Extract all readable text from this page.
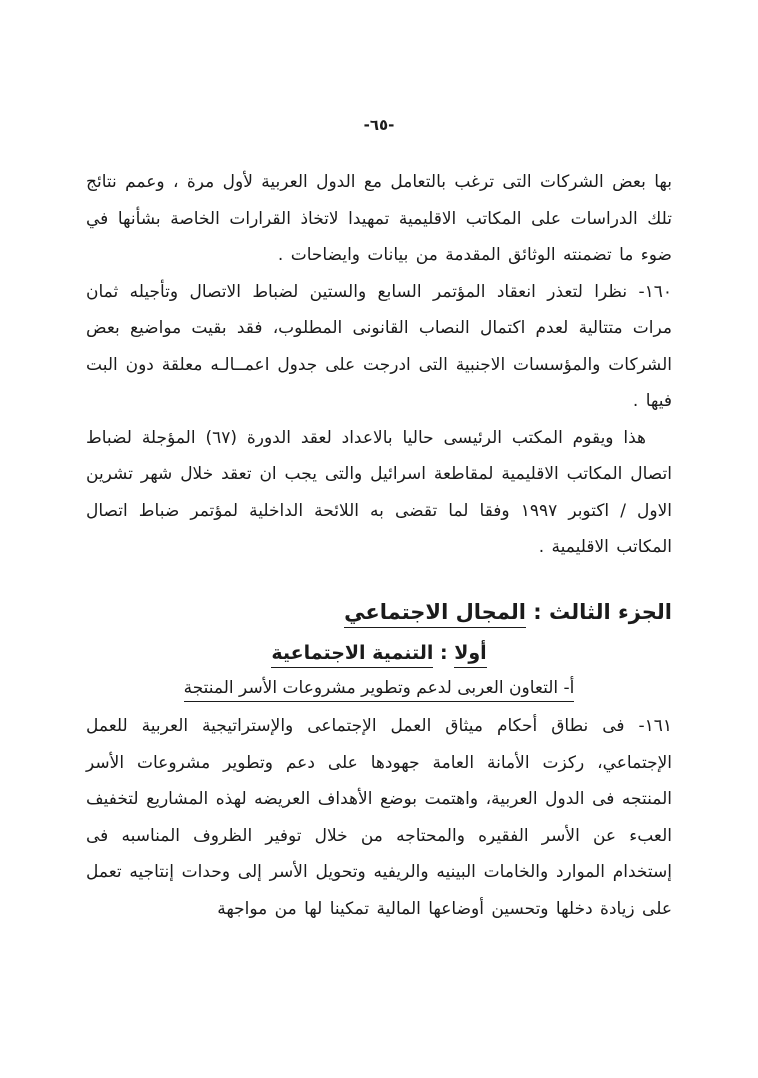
-٦٥-

بها بعض الشركات التى ترغب بالتعامل مع الدول العربية لأول مرة ، وعمم نتائج تلك الدراسات على المكاتب الاقليمية تمهيدا لاتخاذ القرارات الخاصة بشأنها في ضوء ما تضمنته الوثائق المقدمة من بيانات وايضاحات .

١٦٠- نظرا لتعذر انعقاد المؤتمر السابع والستين لضباط الاتصال وتأجيله ثمان مرات متتالية لعدم اكتمال النصاب القانونى المطلوب، فقد بقيت مواضيع بعض الشركات والمؤسسات الاجنبية التى ادرجت على جدول اعمــالـه معلقة دون البت فيها .

هذا ويقوم المكتب الرئيسى حاليا بالاعداد لعقد الدورة (٦٧) المؤجلة لضباط اتصال المكاتب الاقليمية لمقاطعة اسرائيل والتى يجب ان تعقد خلال شهر تشرين الاول / اكتوبر ١٩٩٧ وفقا لما تقضى به اللائحة الداخلية لمؤتمر ضباط اتصال المكاتب الاقليمية .

الجزء الثالث : المجال الاجتماعي
أولا : التنمية الاجتماعية
أ- التعاون العربى لدعم وتطوير مشروعات الأسر المنتجة

١٦١- فى نطاق أحكام ميثاق العمل الإجتماعى والإستراتيجية العربية للعمل الإجتماعي، ركزت الأمانة العامة جهودها على دعم وتطوير مشروعات الأسر المنتجه فى الدول العربية، واهتمت بوضع الأهداف العريضه لهذه المشاريع لتخفيف العبء عن الأسر الفقيره والمحتاجه من خلال توفير الظروف المناسبه فى إستخدام الموارد والخامات البينيه والريفيه وتحويل الأسر إلى وحدات إنتاجيه تعمل على زيادة دخلها وتحسين أوضاعها المالية تمكينا لها من مواجهة
